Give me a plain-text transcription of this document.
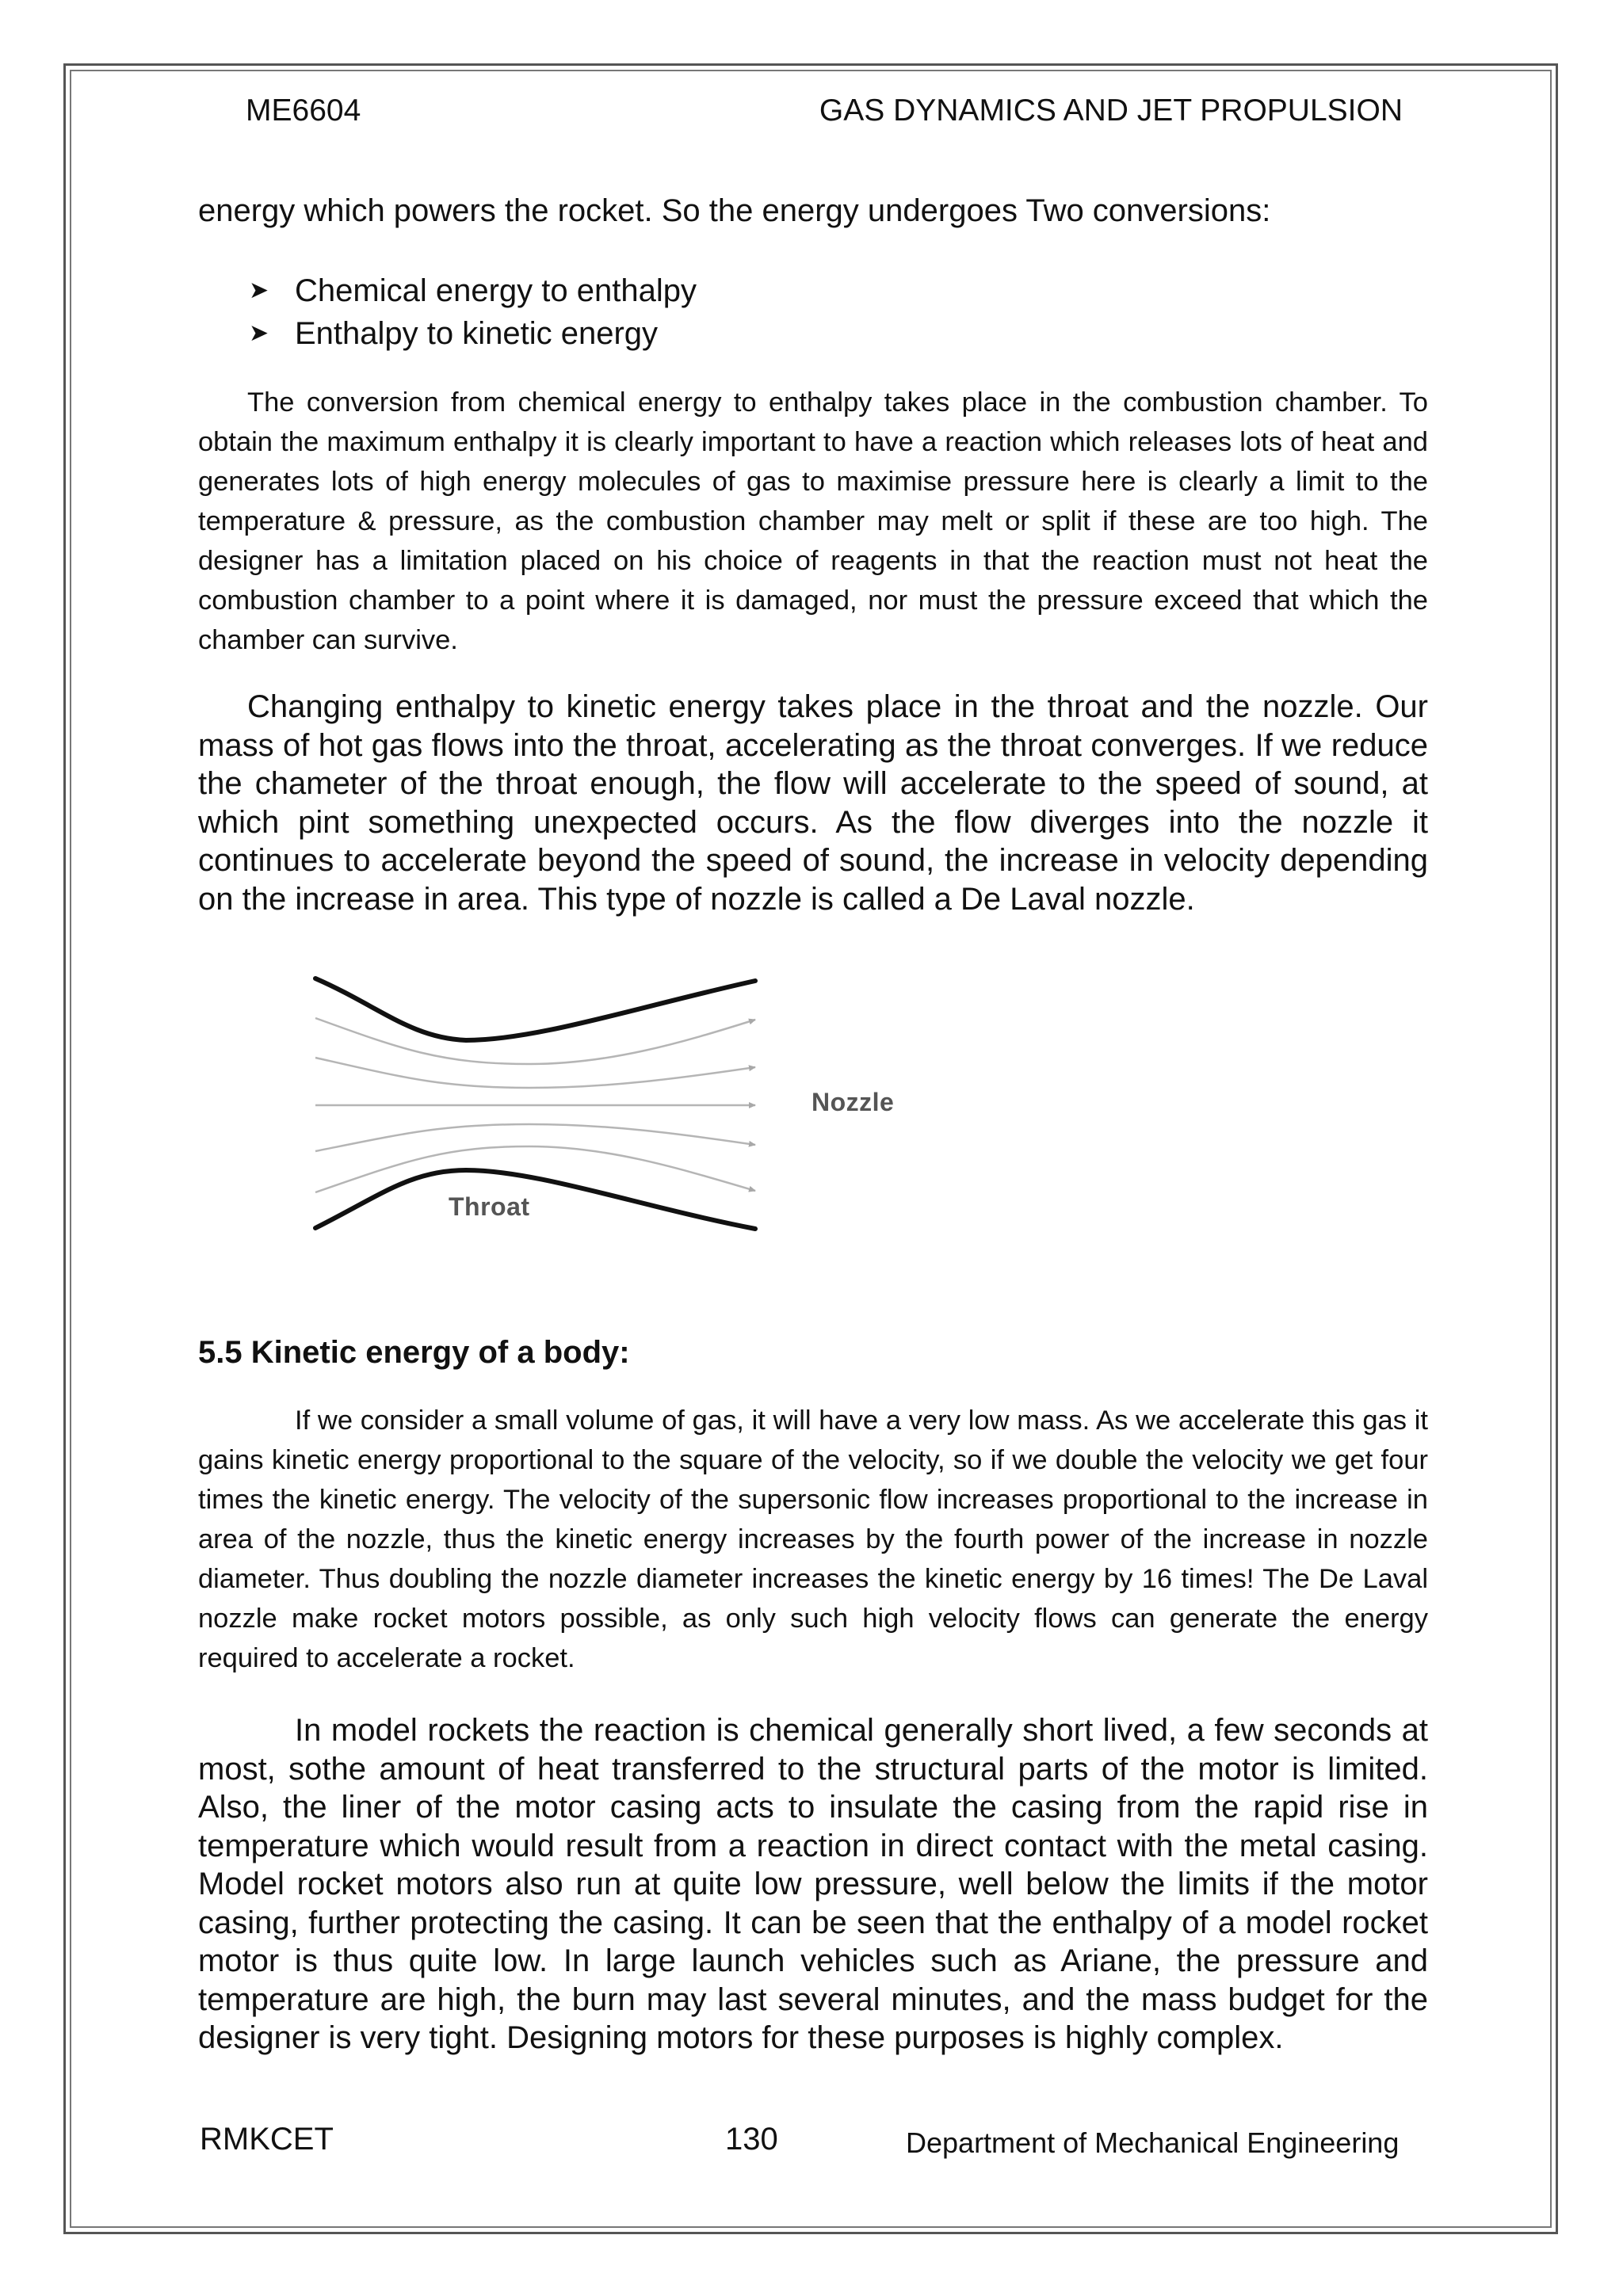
ME6604	GAS DYNAMICS AND JET PROPULSION
energy which powers the rocket. So the energy undergoes Two conversions:
➤ Chemical energy to enthalpy
➤ Enthalpy to kinetic energy

The conversion from chemical energy to enthalpy takes place in the combustion chamber. To obtain the maximum enthalpy it is clearly important to have a reaction which releases lots of heat and generates lots of high energy molecules of gas to maximise pressure here is clearly a limit to the temperature & pressure, as the combustion chamber may melt or split if these are too high. The designer has a limitation placed on his choice of reagents in that the reaction must not heat the combustion chamber to a point where it is damaged, nor must the pressure exceed that which the chamber can survive.

Changing enthalpy to kinetic energy takes place in the throat and the nozzle. Our mass of hot gas flows into the throat, accelerating as the throat converges. If we reduce the chameter of the throat enough, the flow will accelerate to the speed of sound, at which pint something unexpected occurs. As the flow diverges into the nozzle it continues to accelerate beyond the speed of sound, the increase in velocity depending on the increase in area. This type of nozzle is called a De Laval nozzle.

Nozzle
Throat
5.5 Kinetic energy of a body:

If we consider a small volume of gas, it will have a very low mass. As we accelerate this gas it gains kinetic energy proportional to the square of the velocity, so if we double the velocity we get four times the kinetic energy. The velocity of the supersonic flow increases proportional to the increase in area of the nozzle, thus the kinetic energy increases by the fourth power of the increase in nozzle diameter. Thus doubling the nozzle diameter increases the kinetic energy by 16 times! The De Laval nozzle make rocket motors possible, as only such high velocity flows can generate the energy required to accelerate a rocket.

In model rockets the reaction is chemical generally short lived, a few seconds at most, sothe amount of heat transferred to the structural parts of the motor is limited. Also, the liner of the motor casing acts to insulate the casing from the rapid rise in temperature which would result from a reaction in direct contact with the metal casing. Model rocket motors also run at quite low pressure, well below the limits if the motor casing, further protecting the casing. It can be seen that the enthalpy of a model rocket motor is thus quite low. In large launch vehicles such as Ariane, the pressure and temperature are high, the burn may last several minutes, and the mass budget for the designer is very tight. Designing motors for these purposes is highly complex.

RMKCET	130	Department of Mechanical Engineering
